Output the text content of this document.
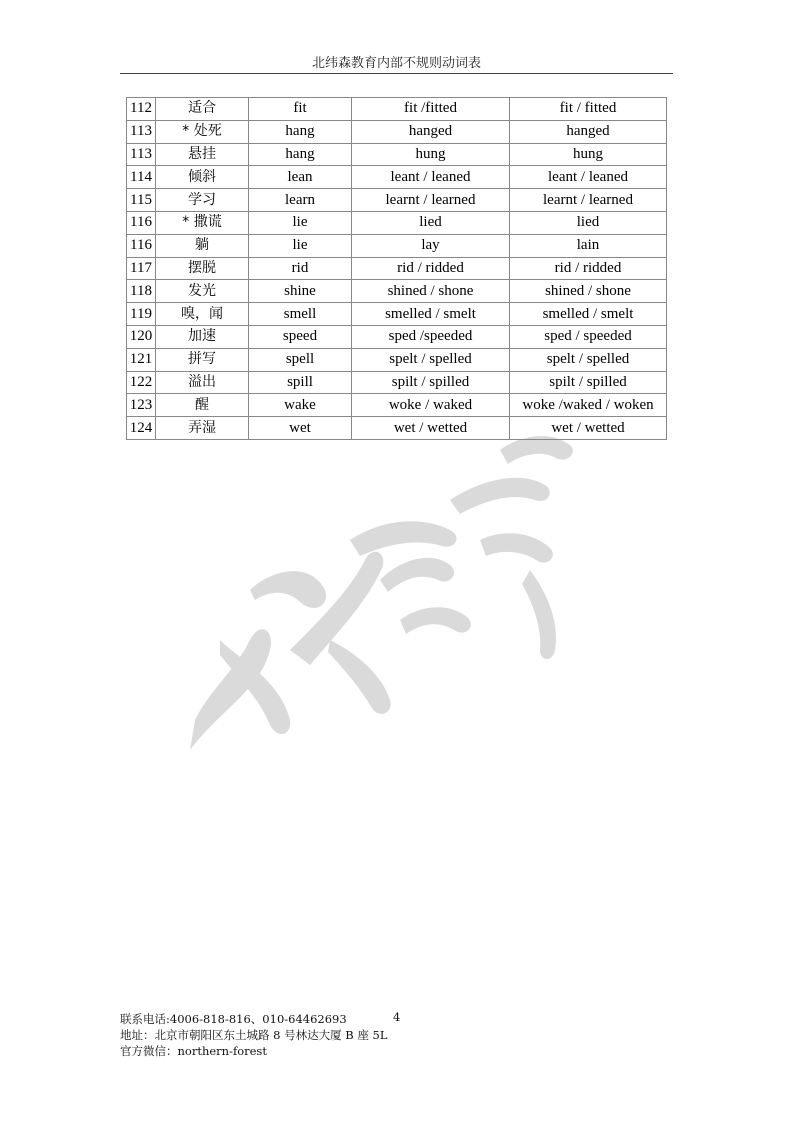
北纬森教育内部不规则动词表
112	适合	fit	fit /fitted	fit / fitted
113	* 处死	hang	hanged	hanged
113	悬挂	hang	hung	hung
114	倾斜	lean	leant / leaned	leant / leaned
115	学习	learn	learnt / learned	learnt / learned
116	* 撒谎	lie	lied	lied
116	躺	lie	lay	lain
117	摆脱	rid	rid / ridded	rid / ridded
118	发光	shine	shined / shone	shined / shone
119	嗅，闻	smell	smelled / smelt	smelled / smelt
120	加速	speed	sped /speeded	sped / speeded
121	拼写	spell	spelt / spelled	spelt / spelled
122	溢出	spill	spilt / spilled	spilt / spilled
123	醒	wake	woke / waked	woke /waked / woken
124	弄湿	wet	wet / wetted	wet / wetted
4
联系电话:4006-818-816、010-64462693
地址：北京市朝阳区东土城路 8 号林达大厦 B 座 5L
官方微信：northern-forest
